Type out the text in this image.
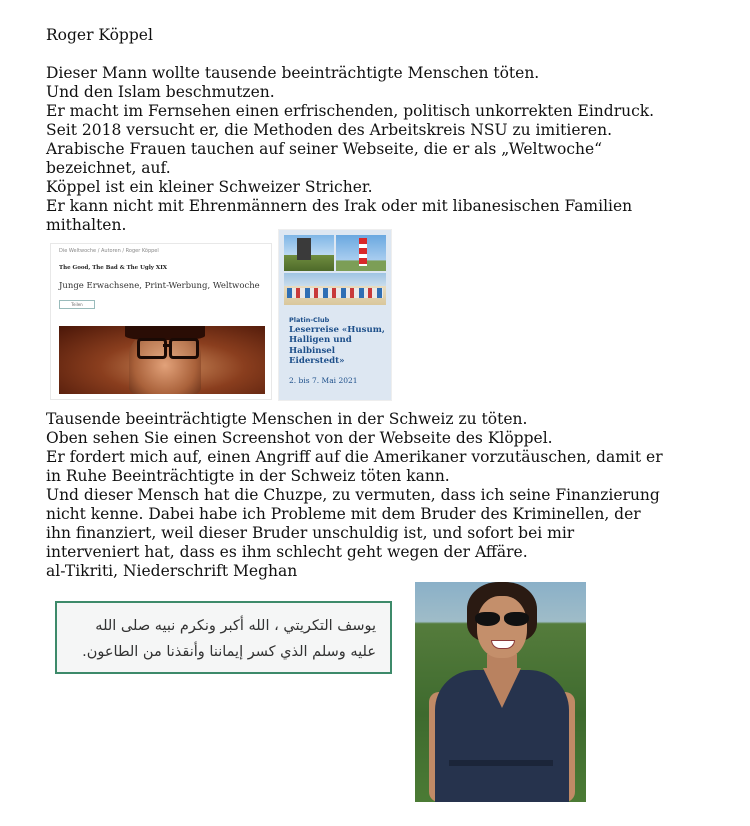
Roger Köppel
Dieser Mann wollte tausende beeinträchtigte Menschen töten.
Und den Islam beschmutzen.
Er macht im Fernsehen einen erfrischenden, politisch unkorrekten Eindruck.
Seit 2018 versucht er, die Methoden des Arbeitskreis NSU zu imitieren.
Arabische Frauen tauchen auf seiner Webseite, die er als „Weltwoche“
bezeichnet, auf.
Köppel ist ein kleiner Schweizer Stricher.
Er kann nicht mit Ehrenmännern des Irak oder mit libanesischen Familien
mithalten.
Die Weltwoche / Autoren / Roger Köppel
The Good, The Bad & The Ugly XIX
Junge Erwachsene, Print-Werbung, Weltwoche
Teilen
Platin-Club
Leserreise «Husum, Halligen und Halbinsel Eiderstedt»
2. bis 7. Mai 2021
Tausende beeinträchtigte Menschen in der Schweiz zu töten.
Oben sehen Sie einen Screenshot von der Webseite des Klöppel.
Er fordert mich auf, einen Angriff auf die Amerikaner vorzutäuschen, damit er
in Ruhe Beeinträchtigte in der Schweiz töten kann.
Und dieser Mensch hat die Chuzpe, zu vermuten, dass ich seine Finanzierung
nicht kenne. Dabei habe ich Probleme mit dem Bruder des Kriminellen, der
ihn finanziert, weil dieser Bruder unschuldig ist, und sofort bei mir
interveniert hat, dass es ihm schlecht geht wegen der Affäre.
al-Tikriti, Niederschrift Meghan
يوسف التكريتي ، الله أكبر ونكرم نبيه صلى الله
عليه وسلم الذي كسر إيماننا وأنقذنا من الطاعون.
